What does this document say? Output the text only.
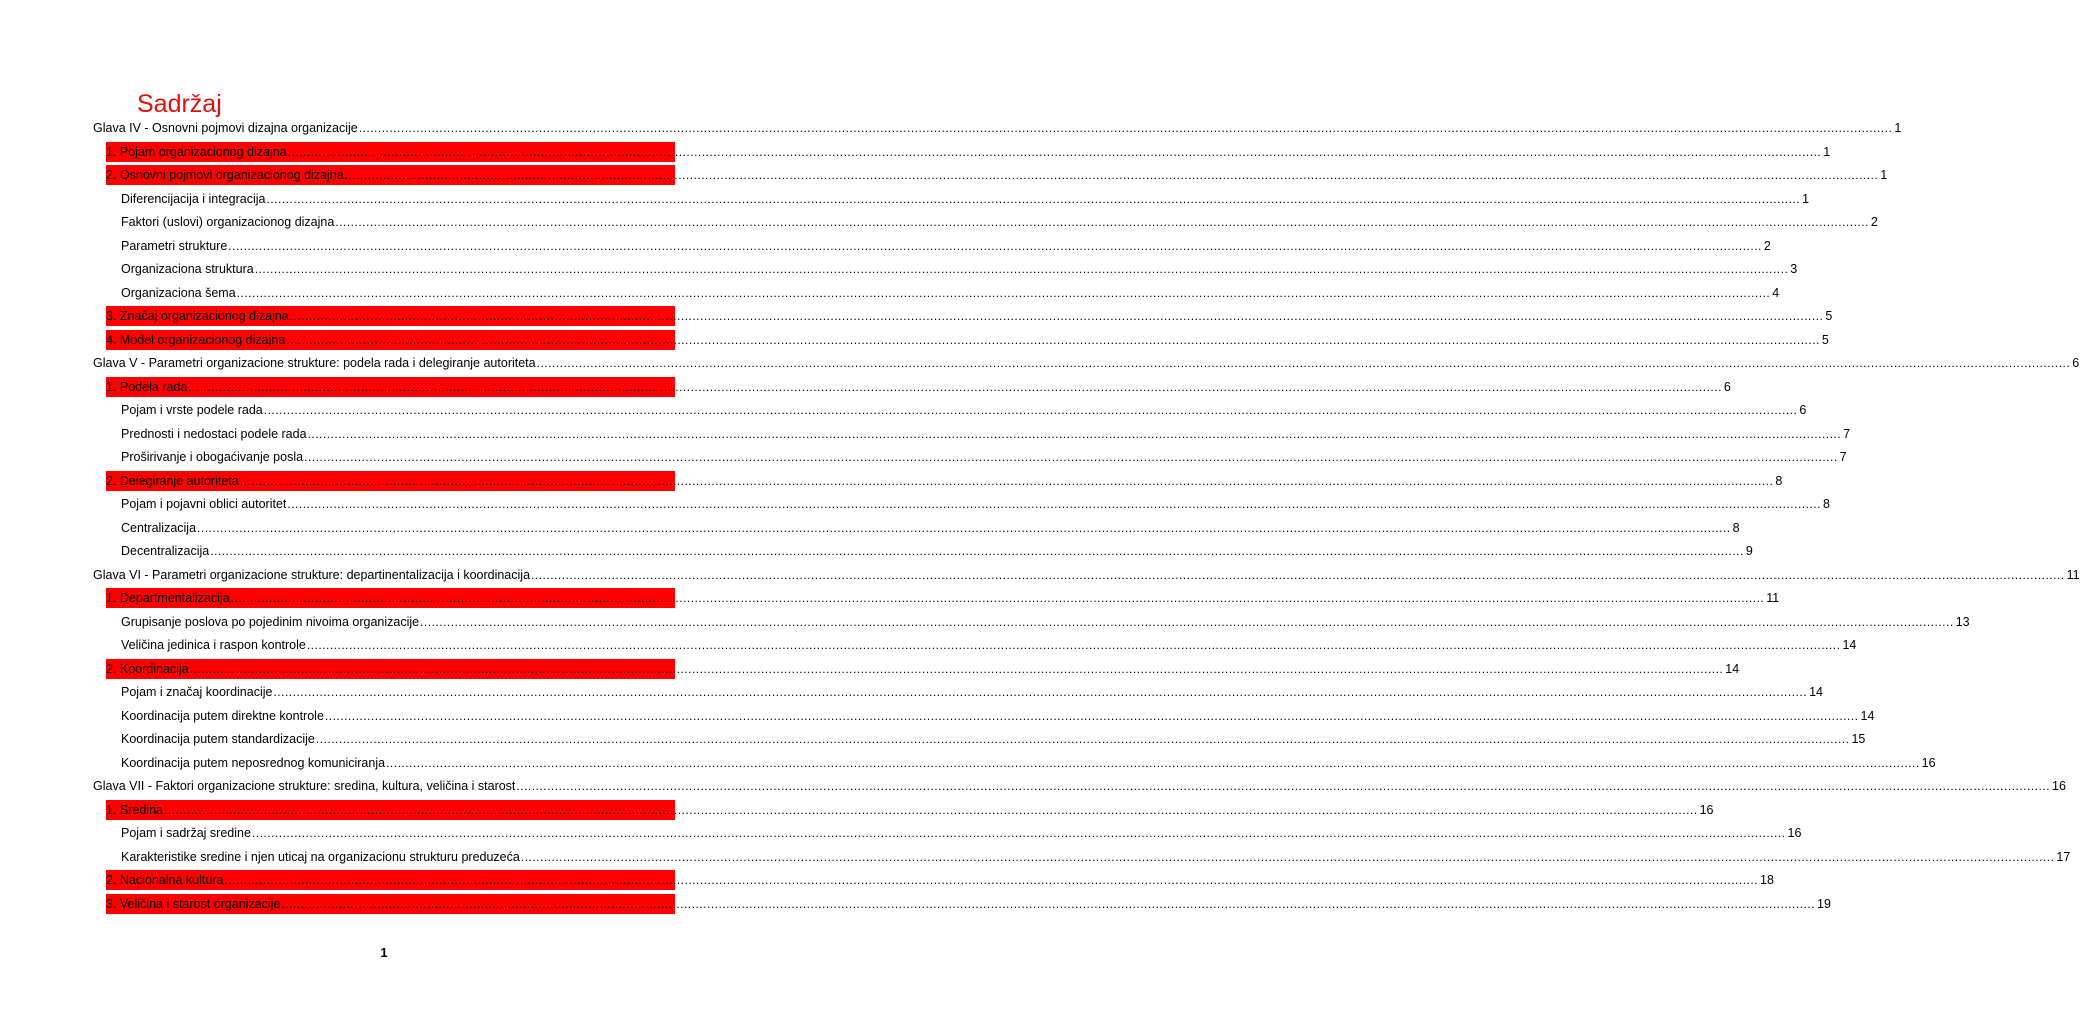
Sadržaj
Glava IV - Osnovni pojmovi dizajna organizacije ................................................................................................................................................................................................................................................................................................................................................................................................................ 1
1. Pojam organizacionog dizajna ................................................................................................................................................................................................................................................................................................................................................................................................................ 1
2. Osnovni pojmovi organizacionog dizajna ................................................................................................................................................................................................................................................................................................................................................................................................................ 1
Diferencijacija i integracija ................................................................................................................................................................................................................................................................................................................................................................................................................ 1
Faktori (uslovi) organizacionog dizajna ................................................................................................................................................................................................................................................................................................................................................................................................................ 2
Parametri strukture ................................................................................................................................................................................................................................................................................................................................................................................................................ 2
Organizaciona struktura ................................................................................................................................................................................................................................................................................................................................................................................................................ 3
Organizaciona šema ................................................................................................................................................................................................................................................................................................................................................................................................................ 4
3. Značaj organizacionog dizajna ................................................................................................................................................................................................................................................................................................................................................................................................................ 5
4. Model organizacionog dizajna ................................................................................................................................................................................................................................................................................................................................................................................................................ 5
Glava V - Parametri organizacione strukture: podela rada i delegiranje autoriteta ................................................................................................................................................................................................................................................................................................................................................................................................................ 6
1. Podela rada ................................................................................................................................................................................................................................................................................................................................................................................................................ 6
Pojam i vrste podele rada ................................................................................................................................................................................................................................................................................................................................................................................................................ 6
Prednosti i nedostaci podele rada ................................................................................................................................................................................................................................................................................................................................................................................................................ 7
Proširivanje i obogaćivanje posla ................................................................................................................................................................................................................................................................................................................................................................................................................ 7
2. Delegiranje autoriteta ................................................................................................................................................................................................................................................................................................................................................................................................................ 8
Pojam i pojavni oblici autoritet ................................................................................................................................................................................................................................................................................................................................................................................................................ 8
Centralizacija ................................................................................................................................................................................................................................................................................................................................................................................................................ 8
Decentralizacija ................................................................................................................................................................................................................................................................................................................................................................................................................ 9
Glava VI - Parametri organizacione strukture: departinentalizacija i koordinacija ................................................................................................................................................................................................................................................................................................................................................................................................................ 11
1. Departmentalizacija ................................................................................................................................................................................................................................................................................................................................................................................................................ 11
Grupisanje poslova po pojedinim nivoima organizacije ................................................................................................................................................................................................................................................................................................................................................................................................................ 13
Veličina jedinica i raspon kontrole ................................................................................................................................................................................................................................................................................................................................................................................................................ 14
2. Koordinacija ................................................................................................................................................................................................................................................................................................................................................................................................................ 14
Pojam i značaj koordinacije ................................................................................................................................................................................................................................................................................................................................................................................................................ 14
Koordinacija putem direktne kontrole ................................................................................................................................................................................................................................................................................................................................................................................................................ 14
Koordinacija putem standardizacije ................................................................................................................................................................................................................................................................................................................................................................................................................ 15
Koordinacija putem neposrednog komuniciranja ................................................................................................................................................................................................................................................................................................................................................................................................................ 16
Glava VII - Faktori organizacione strukture: sredina, kultura, veličina i starost ................................................................................................................................................................................................................................................................................................................................................................................................................ 16
1. Sredina ................................................................................................................................................................................................................................................................................................................................................................................................................ 16
Pojam i sadržaj sredine ................................................................................................................................................................................................................................................................................................................................................................................................................ 16
Karakteristike sredine i njen uticaj na organizacionu strukturu preduzeća ................................................................................................................................................................................................................................................................................................................................................................................................................ 17
2. Nacionalna kultura ................................................................................................................................................................................................................................................................................................................................................................................................................ 18
3. Veličina i starost organizacije ................................................................................................................................................................................................................................................................................................................................................................................................................ 19
1
